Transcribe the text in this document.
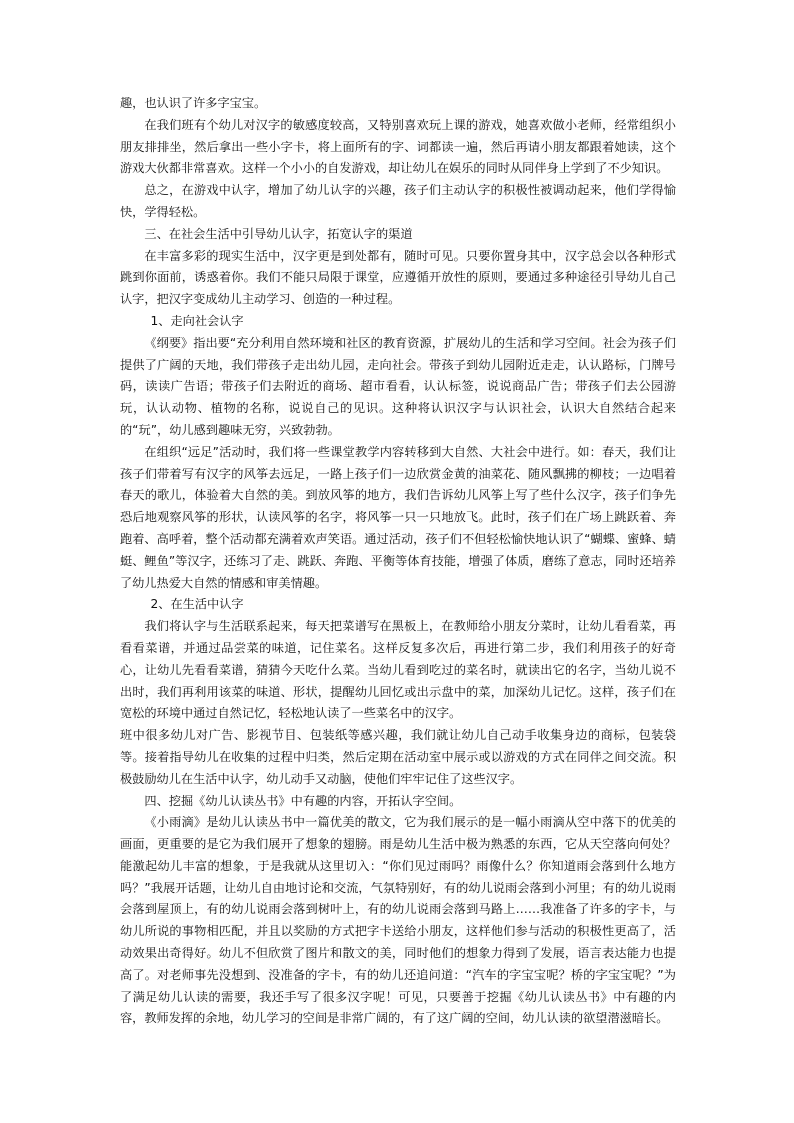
趣，也认识了许多字宝宝。

在我们班有个幼儿对汉字的敏感度较高，又特别喜欢玩上课的游戏，她喜欢做小老师，经常组织小朋友排排坐，然后拿出一些小字卡，将上面所有的字、词都读一遍，然后再请小朋友都跟着她读，这个游戏大伙都非常喜欢。这样一个小小的自发游戏，却让幼儿在娱乐的同时从同伴身上学到了不少知识。

总之，在游戏中认字，增加了幼儿认字的兴趣，孩子们主动认字的积极性被调动起来，他们学得愉快，学得轻松。

三、在社会生活中引导幼儿认字，拓宽认字的渠道

在丰富多彩的现实生活中，汉字更是到处都有，随时可见。只要你置身其中，汉字总会以各种形式跳到你面前，诱惑着你。我们不能只局限于课堂，应遵循开放性的原则，要通过多种途径引导幼儿自己认字，把汉字变成幼儿主动学习、创造的一种过程。

1、走向社会认字

《纲要》指出要“充分利用自然环境和社区的教育资源，扩展幼儿的生活和学习空间。社会为孩子们提供了广阔的天地，我们带孩子走出幼儿园，走向社会。带孩子到幼儿园附近走走，认认路标，门牌号码，读读广告语；带孩子们去附近的商场、超市看看，认认标签，说说商品广告；带孩子们去公园游玩，认认动物、植物的名称，说说自己的见识。这种将认识汉字与认识社会，认识大自然结合起来的“玩”，幼儿感到趣味无穷，兴致勃勃。

在组织“远足”活动时，我们将一些课堂教学内容转移到大自然、大社会中进行。如：春天，我们让孩子们带着写有汉字的风筝去远足，一路上孩子们一边欣赏金黄的油菜花、随风飘拂的柳枝；一边唱着春天的歌儿，体验着大自然的美。到放风筝的地方，我们告诉幼儿风筝上写了些什么汉字，孩子们争先恐后地观察风筝的形状，认读风筝的名字，将风筝一只一只地放飞。此时，孩子们在广场上跳跃着、奔跑着、高呼着，整个活动都充满着欢声笑语。通过活动，孩子们不但轻松愉快地认识了“蝴蝶、蜜蜂、蜻蜓、鲤鱼”等汉字，还练习了走、跳跃、奔跑、平衡等体育技能，增强了体质，磨练了意志，同时还培养了幼儿热爱大自然的情感和审美情趣。

2、在生活中认字

我们将认字与生活联系起来，每天把菜谱写在黑板上，在教师给小朋友分菜时，让幼儿看看菜，再看看菜谱，并通过品尝菜的味道，记住菜名。这样反复多次后，再进行第二步，我们利用孩子的好奇心，让幼儿先看看菜谱，猜猜今天吃什么菜。当幼儿看到吃过的菜名时，就读出它的名字，当幼儿说不出时，我们再利用该菜的味道、形状，提醒幼儿回忆或出示盘中的菜，加深幼儿记忆。这样，孩子们在宽松的环境中通过自然记忆，轻松地认读了一些菜名中的汉字。

班中很多幼儿对广告、影视节目、包装纸等感兴趣，我们就让幼儿自己动手收集身边的商标，包装袋等。接着指导幼儿在收集的过程中归类，然后定期在活动室中展示或以游戏的方式在同伴之间交流。积极鼓励幼儿在生活中认字，幼儿动手又动脑，使他们牢牢记住了这些汉字。

四、挖掘《幼儿认读丛书》中有趣的内容，开拓认字空间。

《小雨滴》是幼儿认读丛书中一篇优美的散文，它为我们展示的是一幅小雨滴从空中落下的优美的画面，更重要的是它为我们展开了想象的翅膀。雨是幼儿生活中极为熟悉的东西，它从天空落向何处？能激起幼儿丰富的想象，于是我就从这里切入：“你们见过雨吗？雨像什么？你知道雨会落到什么地方吗？”我展开话题，让幼儿自由地讨论和交流，气氛特别好，有的幼儿说雨会落到小河里；有的幼儿说雨会落到屋顶上，有的幼儿说雨会落到树叶上，有的幼儿说雨会落到马路上……我准备了许多的字卡，与幼儿所说的事物相匹配，并且以奖励的方式把字卡送给小朋友，这样他们参与活动的积极性更高了，活动效果出奇得好。幼儿不但欣赏了图片和散文的美，同时他们的想象力得到了发展，语言表达能力也提高了。对老师事先没想到、没准备的字卡，有的幼儿还追问道：“汽车的字宝宝呢？桥的字宝宝呢？”为了满足幼儿认读的需要，我还手写了很多汉字呢！可见，只要善于挖掘《幼儿认读丛书》中有趣的内容，教师发挥的余地，幼儿学习的空间是非常广阔的，有了这广阔的空间，幼儿认读的欲望潜滋暗长。
